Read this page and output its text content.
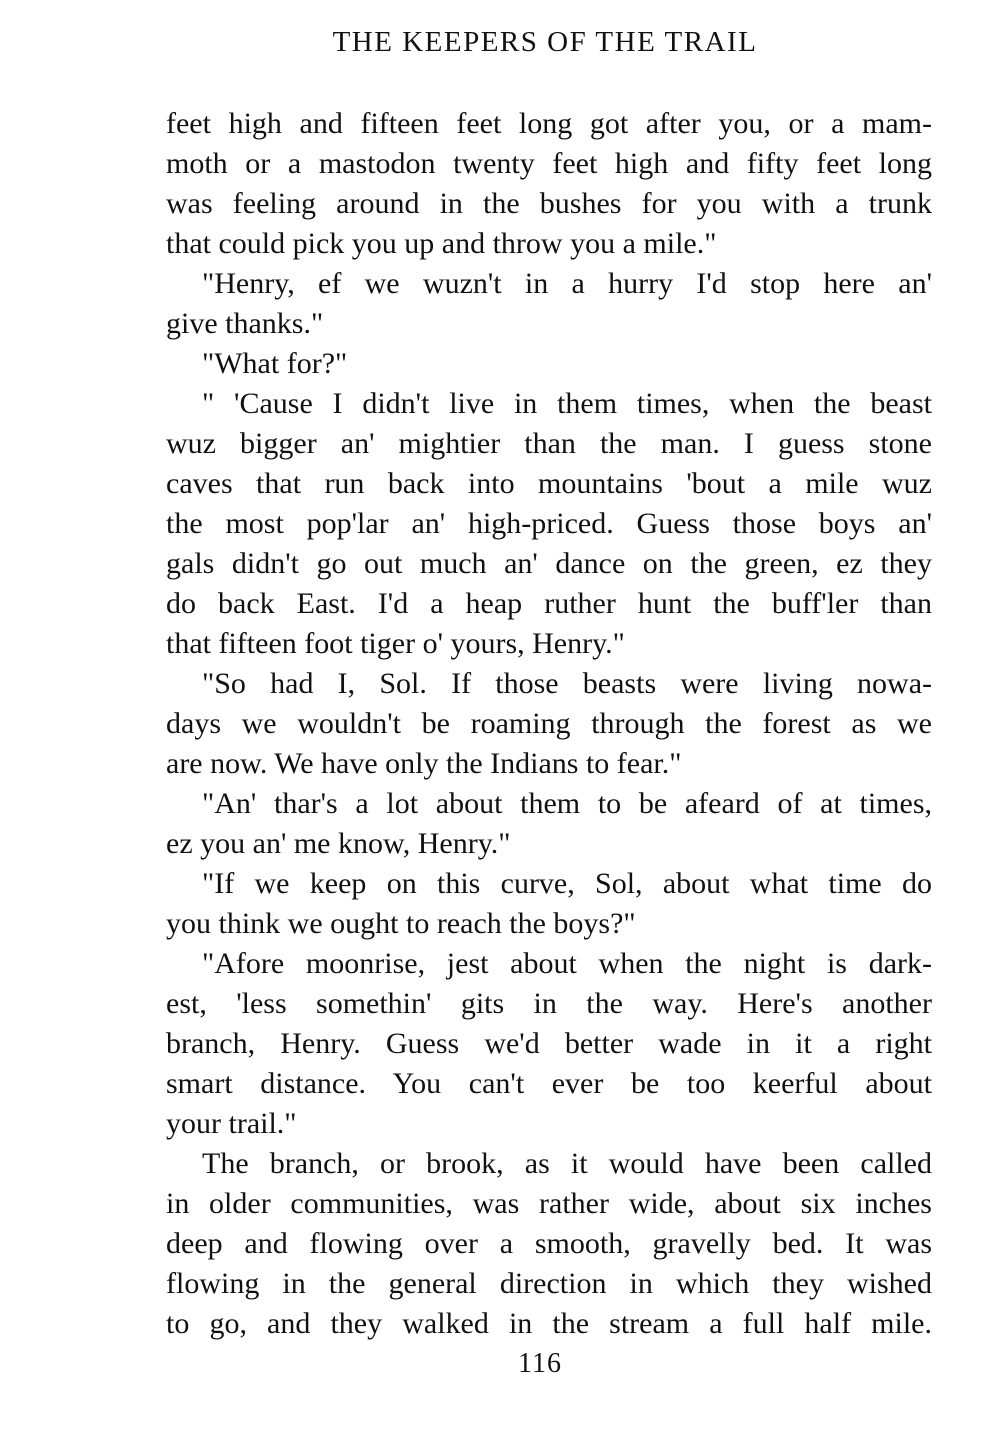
THE KEEPERS OF THE TRAIL
feet high and fifteen feet long got after you, or a mam-
moth or a mastodon twenty feet high and fifty feet long
was feeling around in the bushes for you with a trunk
that could pick you up and throw you a mile."
"Henry, ef we wuzn't in a hurry I'd stop here an'
give thanks."
"What for?"
" 'Cause I didn't live in them times, when the beast
wuz bigger an' mightier than the man. I guess stone
caves that run back into mountains 'bout a mile wuz
the most pop'lar an' high-priced. Guess those boys an'
gals didn't go out much an' dance on the green, ez they
do back East. I'd a heap ruther hunt the buff'ler than
that fifteen foot tiger o' yours, Henry."
"So had I, Sol. If those beasts were living nowa-
days we wouldn't be roaming through the forest as we
are now. We have only the Indians to fear."
"An' thar's a lot about them to be afeard of at times,
ez you an' me know, Henry."
"If we keep on this curve, Sol, about what time do
you think we ought to reach the boys?"
"Afore moonrise, jest about when the night is dark-
est, 'less somethin' gits in the way. Here's another
branch, Henry. Guess we'd better wade in it a right
smart distance. You can't ever be too keerful about
your trail."
The branch, or brook, as it would have been called
in older communities, was rather wide, about six inches
deep and flowing over a smooth, gravelly bed. It was
flowing in the general direction in which they wished
to go, and they walked in the stream a full half mile.
116
